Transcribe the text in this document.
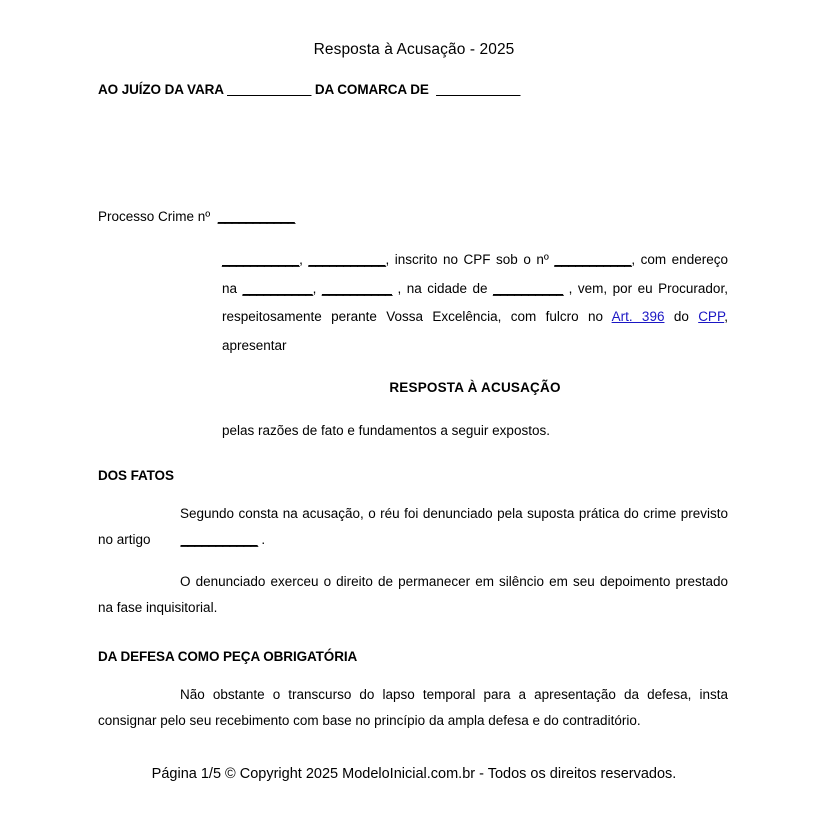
Resposta à Acusação - 2025
AO JUÍZO DA VARA ____________ DA COMARCA DE ____________
Processo Crime nº ___________
___________, ___________, inscrito no CPF sob o nº ___________, com endereço na __________, __________ , na cidade de __________ , vem, por eu Procurador, respeitosamente perante Vossa Excelência, com fulcro no Art. 396 do CPP, apresentar
RESPOSTA À ACUSAÇÃO
pelas razões de fato e fundamentos a seguir expostos.
DOS FATOS
Segundo consta na acusação, o réu foi denunciado pela suposta prática do crime previsto no artigo ___________ .
O denunciado exerceu o direito de permanecer em silêncio em seu depoimento prestado na fase inquisitorial.
DA DEFESA COMO PEÇA OBRIGATÓRIA
Não obstante o transcurso do lapso temporal para a apresentação da defesa, insta consignar pelo seu recebimento com base no princípio da ampla defesa e do contraditório.
Página 1/5 © Copyright 2025 ModeloInicial.com.br - Todos os direitos reservados.
